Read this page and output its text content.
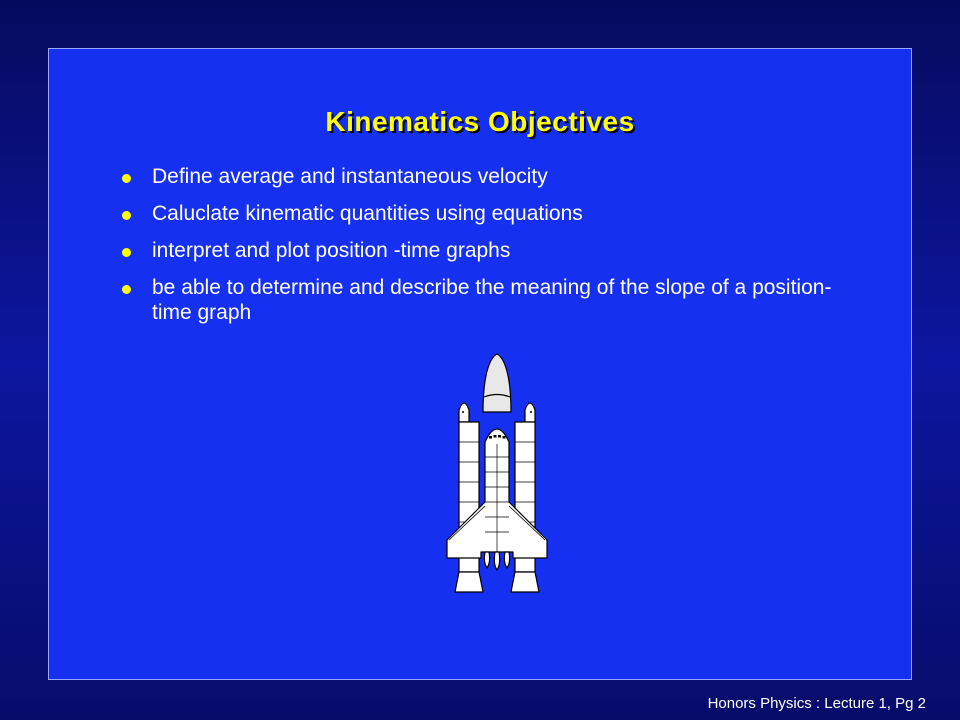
Kinematics Objectives
Define average and instantaneous velocity
Caluclate kinematic quantities using equations
interpret and plot position -time graphs
be able to determine and describe the meaning of the slope of a position-time graph
Honors Physics : Lecture 1, Pg 2
